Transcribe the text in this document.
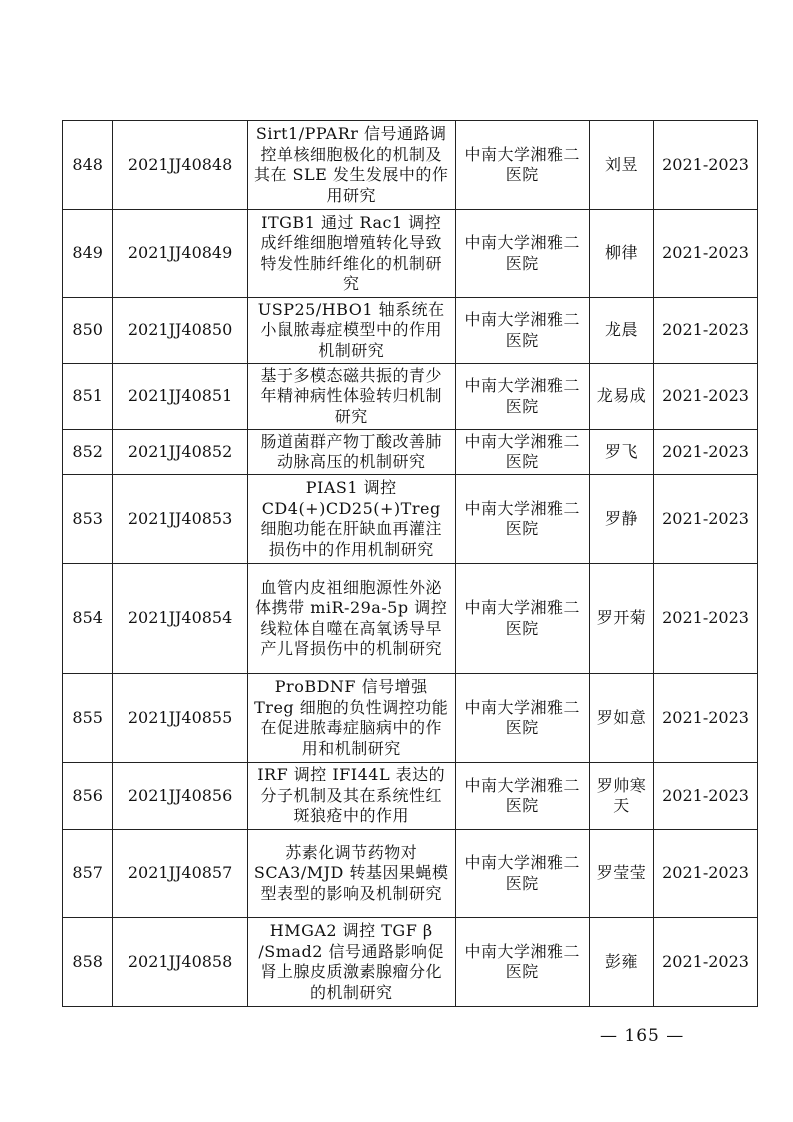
848	2021JJ40848	Sirt1/PPARr 信号通路调控单核细胞极化的机制及其在 SLE 发生发展中的作用研究	中南大学湘雅二医院	刘昱	2021-2023
849	2021JJ40849	ITGB1 通过 Rac1 调控成纤维细胞增殖转化导致特发性肺纤维化的机制研究	中南大学湘雅二医院	柳律	2021-2023
850	2021JJ40850	USP25/HBO1 轴系统在小鼠脓毒症模型中的作用机制研究	中南大学湘雅二医院	龙晨	2021-2023
851	2021JJ40851	基于多模态磁共振的青少年精神病性体验转归机制研究	中南大学湘雅二医院	龙易成	2021-2023
852	2021JJ40852	肠道菌群产物丁酸改善肺动脉高压的机制研究	中南大学湘雅二医院	罗飞	2021-2023
853	2021JJ40853	PIAS1 调控 CD4(+)CD25(+)Treg 细胞功能在肝缺血再灌注损伤中的作用机制研究	中南大学湘雅二医院	罗静	2021-2023
854	2021JJ40854	血管内皮祖细胞源性外泌体携带 miR-29a-5p 调控线粒体自噬在高氧诱导早产儿肾损伤中的机制研究	中南大学湘雅二医院	罗开菊	2021-2023
855	2021JJ40855	ProBDNF 信号增强 Treg 细胞的负性调控功能在促进脓毒症脑病中的作用和机制研究	中南大学湘雅二医院	罗如意	2021-2023
856	2021JJ40856	IRF 调控 IFI44L 表达的分子机制及其在系统性红斑狼疮中的作用	中南大学湘雅二医院	罗帅寒天	2021-2023
857	2021JJ40857	苏素化调节药物对 SCA3/MJD 转基因果蝇模型表型的影响及机制研究	中南大学湘雅二医院	罗莹莹	2021-2023
858	2021JJ40858	HMGA2 调控 TGF β /Smad2 信号通路影响促肾上腺皮质激素腺瘤分化的机制研究	中南大学湘雅二医院	彭雍	2021-2023
— 165 —
